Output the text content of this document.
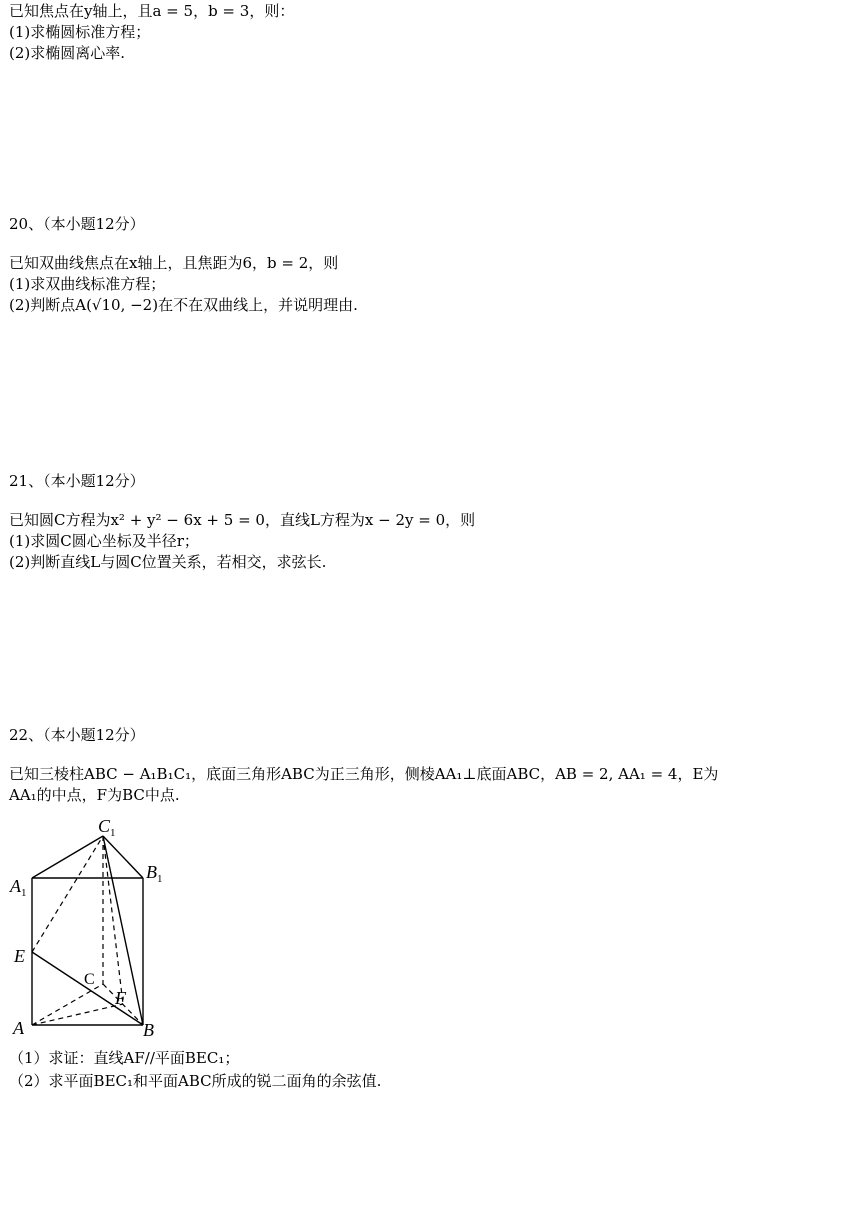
已知焦点在y轴上，且a = 5，b = 3，则：
(1)求椭圆标准方程；
(2)求椭圆离心率.
20、（本小题12分）
已知双曲线焦点在x轴上，且焦距为6，b = 2，则
(1)求双曲线标准方程；
(2)判断点A(√10, −2)在不在双曲线上，并说明理由.
21、（本小题12分）
已知圆C方程为x² + y² − 6x + 5 = 0，直线L方程为x − 2y = 0，则
(1)求圆C圆心坐标及半径r；
(2)判断直线L与圆C位置关系，若相交，求弦长.
22、（本小题12分）
已知三棱柱ABC − A₁B₁C₁，底面三角形ABC为正三角形，侧棱AA₁⊥底面ABC，AB = 2, AA₁ = 4，E为
AA₁的中点，F为BC中点.
$C_1$
$B_1$
$A_1$
E
C
F
A	B
（1）求证：直线AF//平面BEC₁；
（2）求平面BEC₁和平面ABC所成的锐二面角的余弦值.
